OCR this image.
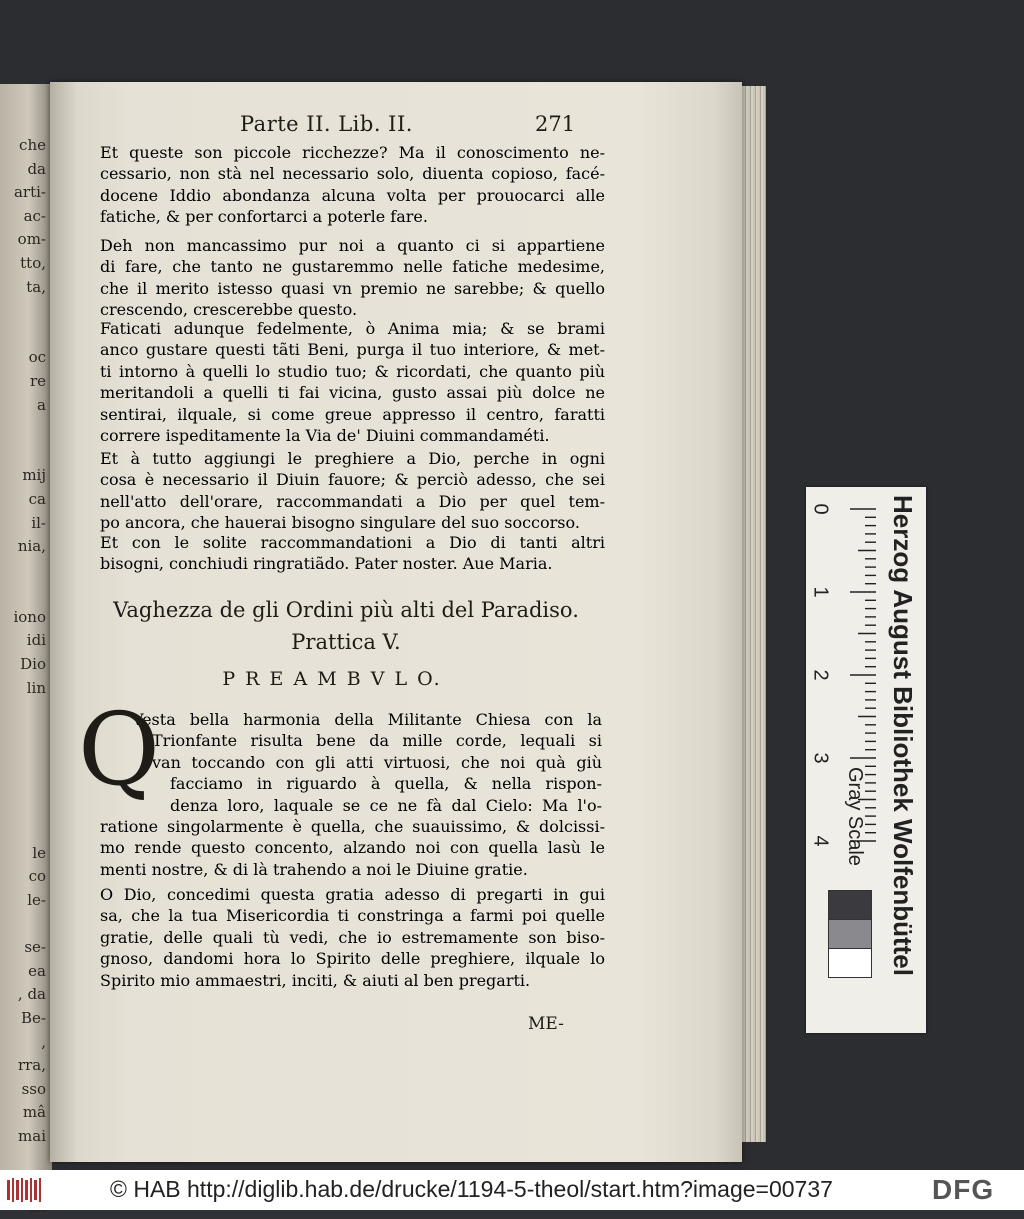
che
da
arti-
ac-
om-
tto,
ta,

oc
re
a

mij
ca
il-
nia,

iono
idi
Dio
lin

le
co
le-

se-
ea
, da
Be-
,
rra,
sso
mâ
mai

Parte II. Lib. II.	271
Et queste son piccole ricchezze? Ma il conoscimento ne-
cessario, non stà nel necessario solo, diuenta copioso, facé-
docene Iddio abondanza alcuna volta per prouocarci alle
fatiche, & per confortarci a poterle fare.
Deh non mancassimo pur noi a quanto ci si appartiene
di fare, che tanto ne gustaremmo nelle fatiche medesime,
che il merito istesso quasi vn premio ne sarebbe; & quello
crescendo, crescerebbe questo.
Faticati adunque fedelmente, ò Anima mia; & se brami
anco gustare questi tãti Beni, purga il tuo interiore, & met-
ti intorno à quelli lo studio tuo; & ricordati, che quanto più
meritandoli a quelli ti fai vicina, gusto assai più dolce ne
sentirai, ilquale, si come greue appresso il centro, faratti
correre ispeditamente la Via de' Diuini commandaméti.
Et à tutto aggiungi le preghiere a Dio, perche in ogni
cosa è necessario il Diuin fauore; & perciò adesso, che sei
nell'atto dell'orare, raccommandati a Dio per quel tem-
po ancora, che hauerai bisogno singulare del suo soccorso.
Et con le solite raccommandationi a Dio di tanti altri
bisogni, conchiudi ringratiãdo. Pater noster. Aue Maria.
Vesta bella harmonia della Militante Chiesa con la
Trionfante risulta bene da mille corde, lequali si
van toccando con gli atti virtuosi, che noi quà giù
facciamo in riguardo à quella, & nella rispon-
denza loro, laquale se ce ne fà dal Cielo: Ma l'o-
ratione singolarmente è quella, che suauissimo, & dolcissi-
mo rende questo concento, alzando noi con quella lasù le
menti nostre, & di là trahendo a noi le Diuine gratie.
O Dio, concedimi questa gratia adesso di pregarti in gui
sa, che la tua Misericordia ti constringa a farmi poi quelle
gratie, delle quali tù vedi, che io estremamente son biso-
gnoso, dandomi hora lo Spirito delle preghiere, ilquale lo
Spirito mio ammaestri, inciti, & aiuti al ben pregarti.
Vaghezza de gli Ordini più alti del Paradiso.
Prattica V.
P R E A M B V L O.
Q
ME-
0
1
2
3
4 Gray Scale Herzog August Bibliothek Wolfenbüttel
© HAB http://diglib.hab.de/drucke/1194-5-theol/start.htm?image=00737	DFG
